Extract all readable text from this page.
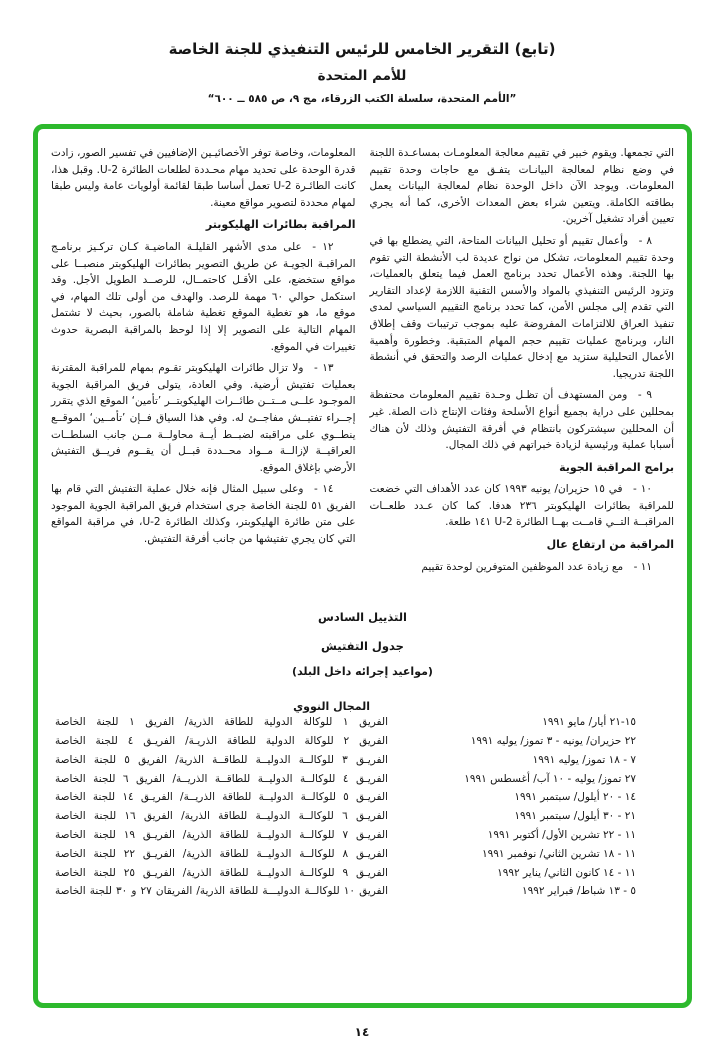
(تابع) التقرير الخامس للرئيس التنفيذي للجنة الخاصة
للأمم المتحدة
”الأمم المتحدة، سلسلة الكتب الزرقاء، مج ٩، ص ٥٨٥ ــ ٦٠٠“

التي تجمعها. ويقوم خبير في تقييم معالجة المعلومـات بمساعـدة اللجنة في وضع نظام لمعالجة البيانـات يتفـق مع حاجات وحدة تقييم المعلومات. ويوجد الآن داخل الوحدة نظام لمعالجة البيانات يعمل بطاقته الكاملة. ويتعين شراء بعض المعدات الأخرى، كما أنه يجري تعيين أفراد تشغيل آخرين.

٨ - وأعمال تقييم أو تحليل البيانات المتاحة، التي يضطلع بها في وحدة تقييم المعلومات، تشكل من نواح عديدة لب الأنشطة التي تقوم بها اللجنة. وهذه الأعمال تحدد برنامج العمل فيما يتعلق بالعمليات، وتزود الرئيس التنفيذي بالمواد والأسس التقنية اللازمة لإعداد التقارير التي تقدم إلى مجلس الأمن، كما تحدد برنامج التقييم السياسي لمدى تنفيذ العراق للالتزامات المفروضة عليه بموجب ترتيبات وقف إطلاق النار، وبرنامج عمليات تقييم حجم المهام المتبقية. وخطورة وأهمية الأعمال التحليلية ستزيد مع إدخال عمليات الرصد والتحقق في أنشطة اللجنة تدريجيا.

٩ - ومن المستهدف أن تظـل وحـدة تقييم المعلومات محتفظة بمحللين على دراية بجميع أنواع الأسلحة وفئات الإنتاج ذات الصلة. غير أن المحللين سيشتركون بانتظام في أفرقة التفتيش وذلك لأن هناك أسبابا عملية ورئيسية لزيادة خبراتهم في ذلك المجال.

برامج المراقبة الجوية

١٠ - في ١٥ حزيران/ يونيه ١٩٩٣ كان عدد الأهداف التي خضعت للمراقبة بطائرات الهليكوبتر ٢٣٦ هدفا. كما كان عـدد طلعــات المراقبــة التــي قامــت بهــا الطائرة U-2 ١٤١ طلعة.

المراقبة من ارتفاع عال

١١ - مع زيادة عدد الموظفين المتوفرين لوحدة تقييم

المعلومات، وخاصة توفر الأخصائيـين الإضافيين في تفسير الصور، زادت قدرة الوحدة على تحديد مهام محـددة لطلعات الطائرة U-2. وقبل هذا، كانت الطائـرة U-2 تعمل أساسا طبقا لقائمة أولويات عامة وليس طبقا لمهام محددة لتصوير مواقع معينة.

المراقبة بطائرات الهليكوبتر

١٢ - على مدى الأشهر القليلـة الماضيـة كـان تركـيز برنامـج المراقبـة الجويـة عن طريق التصوير بطائرات الهليكوبتر منصبــا على مواقع ستخضع، على الأقـل كاحتمــال، للرصــد الطويل الأجل. وقد استكمل حوالي ٦٠ مهمة للرصد. والهدف من أولى تلك المهام، في موقع ما، هو تغطية الموقع تغطية شاملة بالصور، بحيث لا تشتمل المهام التالية على التصوير إلا إذا لوحظ بالمراقبة البصرية حدوث تغييرات في الموقع.

١٣ - ولا تزال طائرات الهليكوبتر تقـوم بمهام للمراقبة المقترنة بعمليات تفتيش أرضية. وفي العادة، يتولى فريق المراقبة الجوية الموجـود علــى مــتــن طائــرات الهليكوبتــر ’تأمين‘ الموقع الذي يتقرر إجــراء تفتيــش مفاجــئ له. وفي هذا السياق فــإن ’تأمــين‘ الموقــع ينطــوي على مراقبته لضبــط أيــة محاولــة مــن جانب السلطــات العراقيــة لإزالــة مــواد محــددة قبــل أن يقــوم فريــق التفتيش الأرضي بإغلاق الموقع.

١٤ - وعلى سبيل المثال فإنه خلال عملية التفتيش التي قام بها الفريق ٥١ للجنة الخاصة جرى استخدام فريق المراقبة الجوية الموجود على متن طائرة الهليكوبتر، وكذلك الطائرة U-2، في مراقبة المواقع التي كان يجري تفتيشها من جانب أفرقة التفتيش.

التذييل السادس
جدول التفتيش
(مواعيد إجرائه داخل البلد)
المجال النووي
١٥-٢١ أيار/ مايو ١٩٩١
الفريق ١ للوكالة الدولية للطاقة الذرية/ الفريق ١ للجنة الخاصة
٢٢ حزيران/ يونيه - ٣ تموز/ يوليه ١٩٩١
الفريق ٢ للوكالة الدولية للطاقة الذريـة/ الفريـق ٤ للجنة الخاصة
٧ - ١٨ تموز/ يوليه ١٩٩١
الفريـق ٣ للوكالــة الدوليــة للطاقــة الذرية/ الفريق ٥ للجنة الخاصة
٢٧ تموز/ يوليه - ١٠ آب/ أغسطس ١٩٩١
الفريـق ٤ للوكالــة الدوليــة للطاقــة الذريــة/ الفريق ٦ للجنة الخاصة
١٤ - ٢٠ أيلول/ سبتمبر ١٩٩١
الفريـق ٥ للوكالــة الدوليــة للطاقة الذريــة/ الفريـق ١٤ للجنة الخاصة
٢١ - ٣٠ أيلول/ سبتمبر ١٩٩١
الفريـق ٦ للوكالــة الدوليــة للطاقة الذرية/ الفريق ١٦ للجنة الخاصة
١١ - ٢٢ تشرين الأول/ أكتوبر ١٩٩١
الفريـق ٧ للوكالــة الدوليــة للطاقة الذرية/ الفريـق ١٩ للجنة الخاصة
١١ - ١٨ تشرين الثاني/ نوفمبر ١٩٩١
الفريـق ٨ للوكالــة الدوليــة للطاقة الذرية/ الفريـق ٢٢ للجنة الخاصة
١١ - ١٤ كانون الثاني/ يناير ١٩٩٢
الفريـق ٩ للوكالــة الدوليــة للطاقة الذرية/ الفريـق ٢٥ للجنة الخاصة
٥ - ١٣ شباط/ فبراير ١٩٩٢
الفريق ١٠ للوكالــة الدوليـــة للطاقة الذرية/ الفريقان ٢٧ و ٣٠ للجنة الخاصة
١٤
